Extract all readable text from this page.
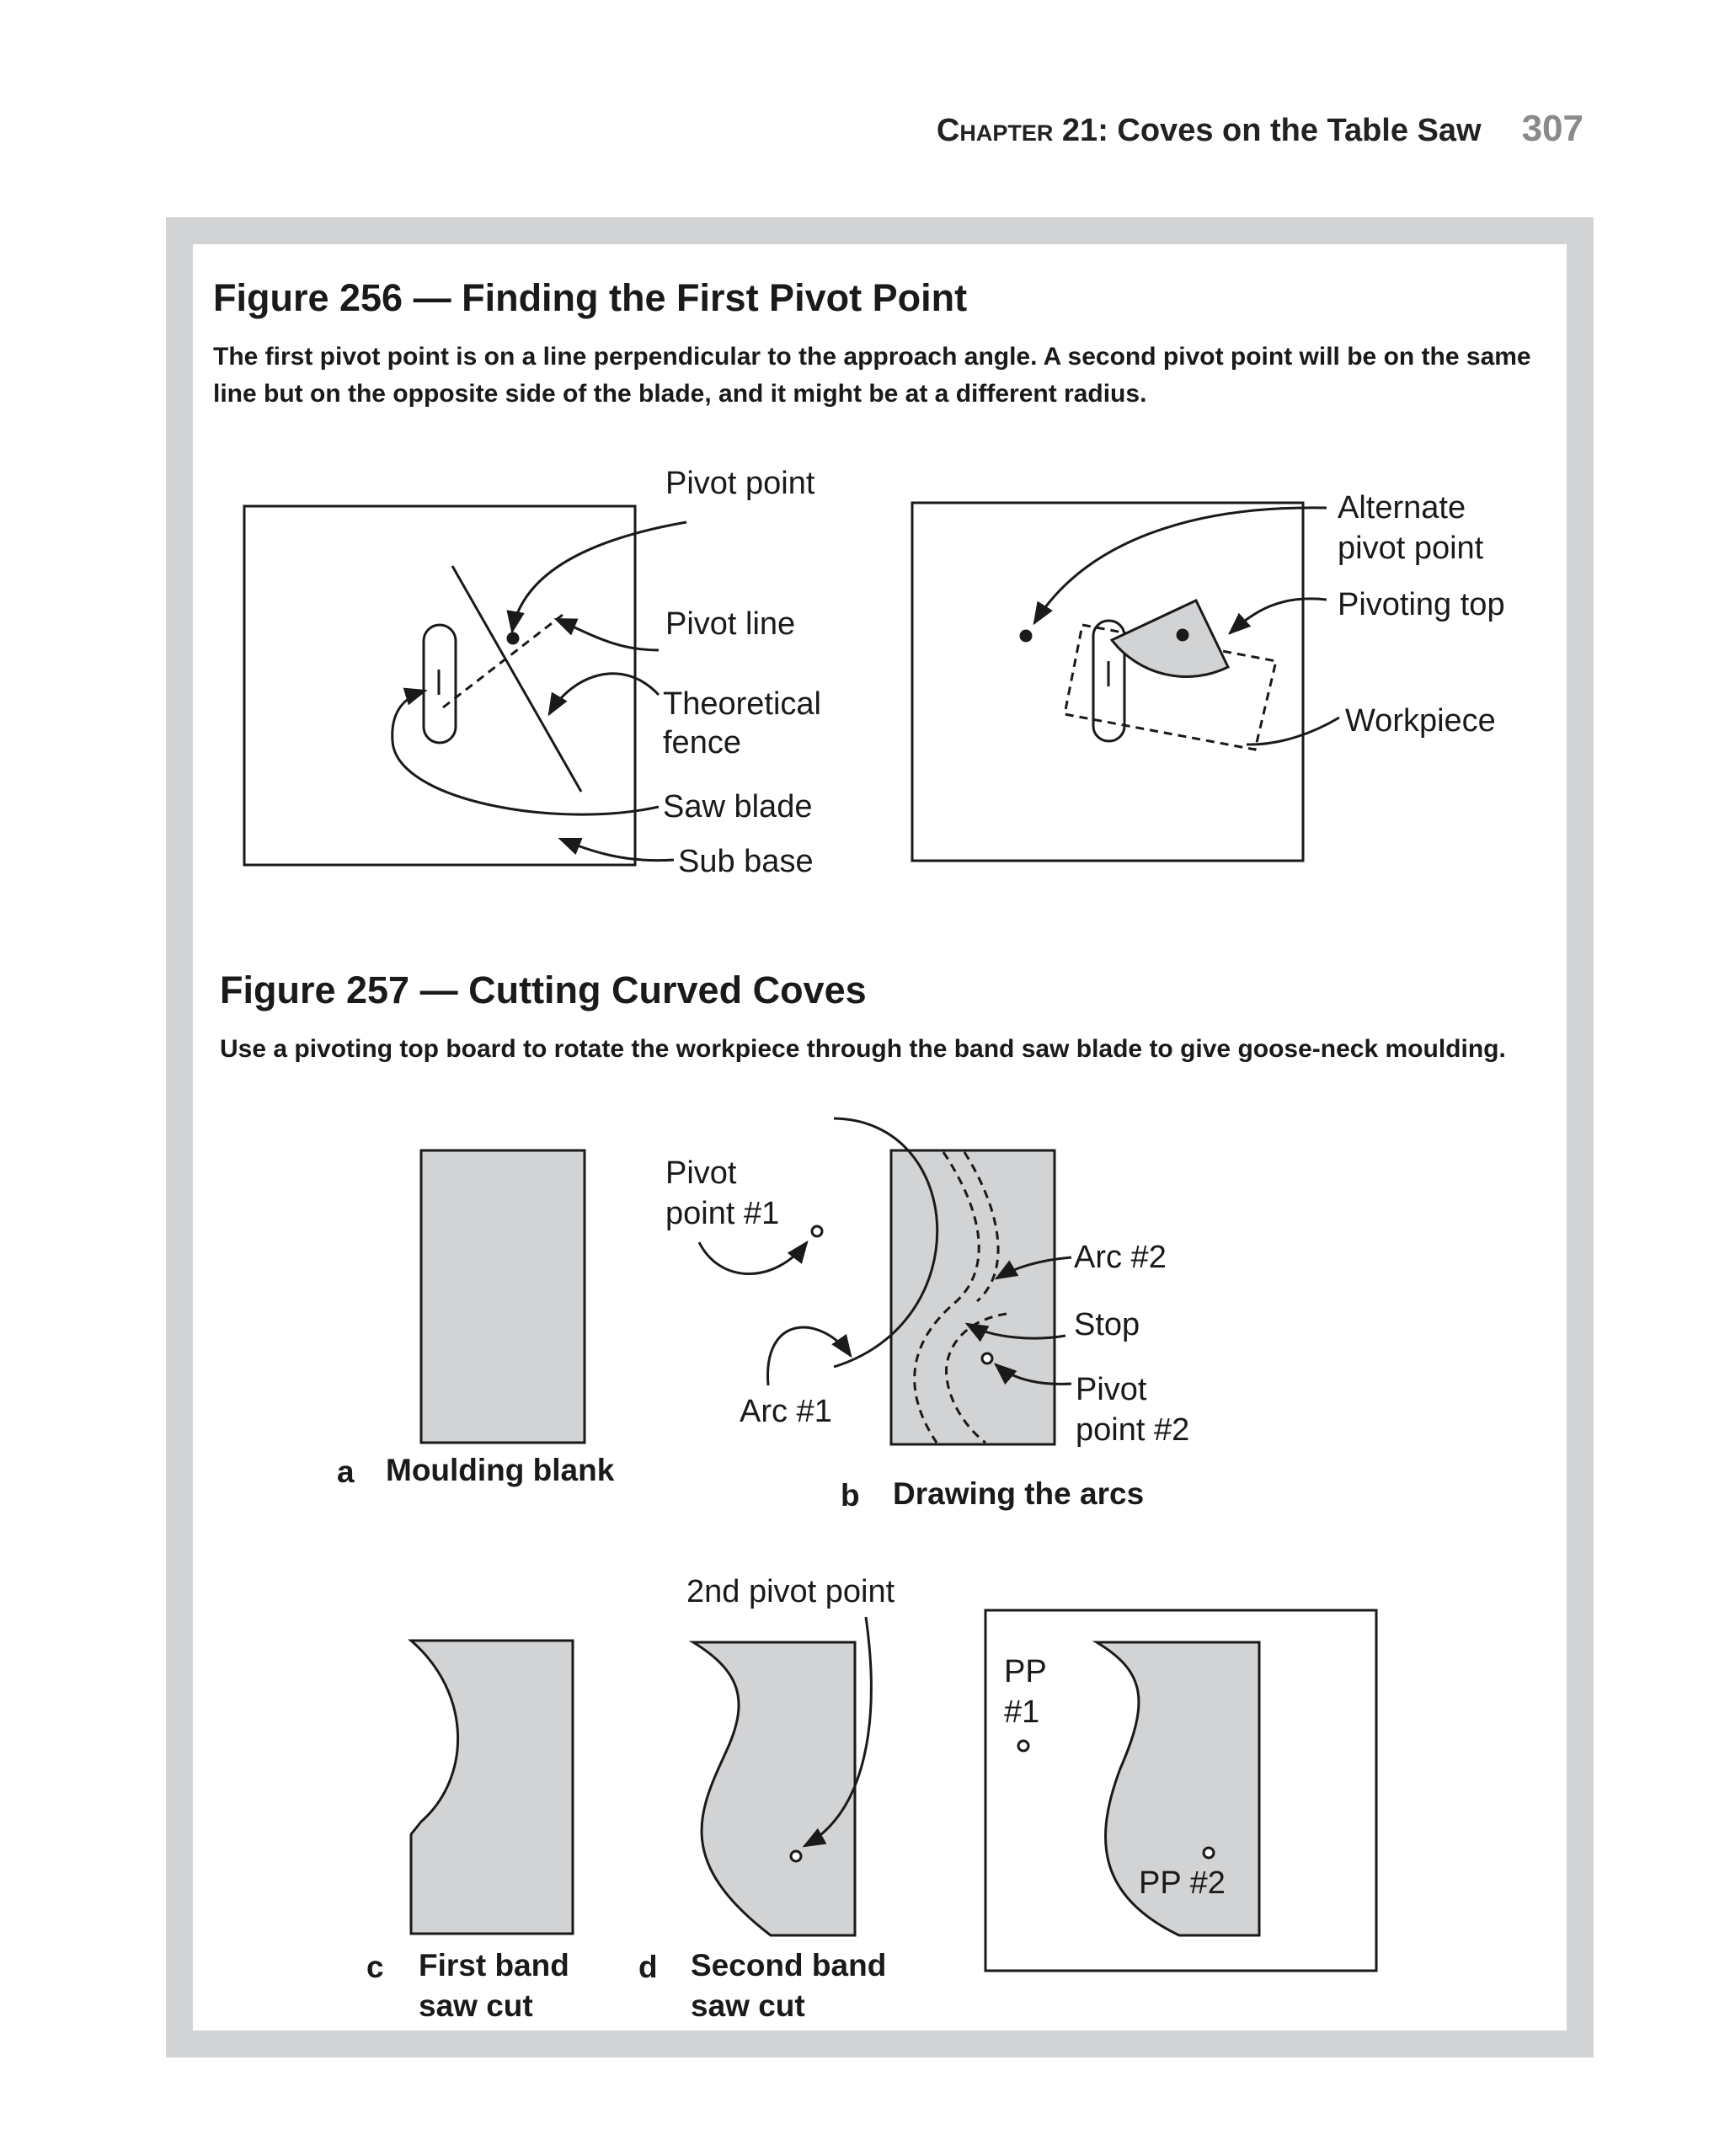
Chapter 21: Coves on the Table Saw 307
Figure 256 — Finding the First Pivot Point
The first pivot point is on a line perpendicular to the approach angle. A second pivot point will be on the same line but on the opposite side of the blade, and it might be at a different radius.
Figure 257 — Cutting Curved Coves
Use a pivoting top board to rotate the workpiece through the band saw blade to give goose-neck moulding.
Pivot point
Pivot line
Theoretical
fence
Saw blade
Sub base
Alternate
pivot point
Pivoting top
Workpiece
Pivot
point #1
Arc #2
Stop
Pivot
point #2
Arc #1
2nd pivot point
PP
#1
PP #2
a Moulding blank
b Drawing the arcs
c First band
saw cut
d Second band
saw cut
